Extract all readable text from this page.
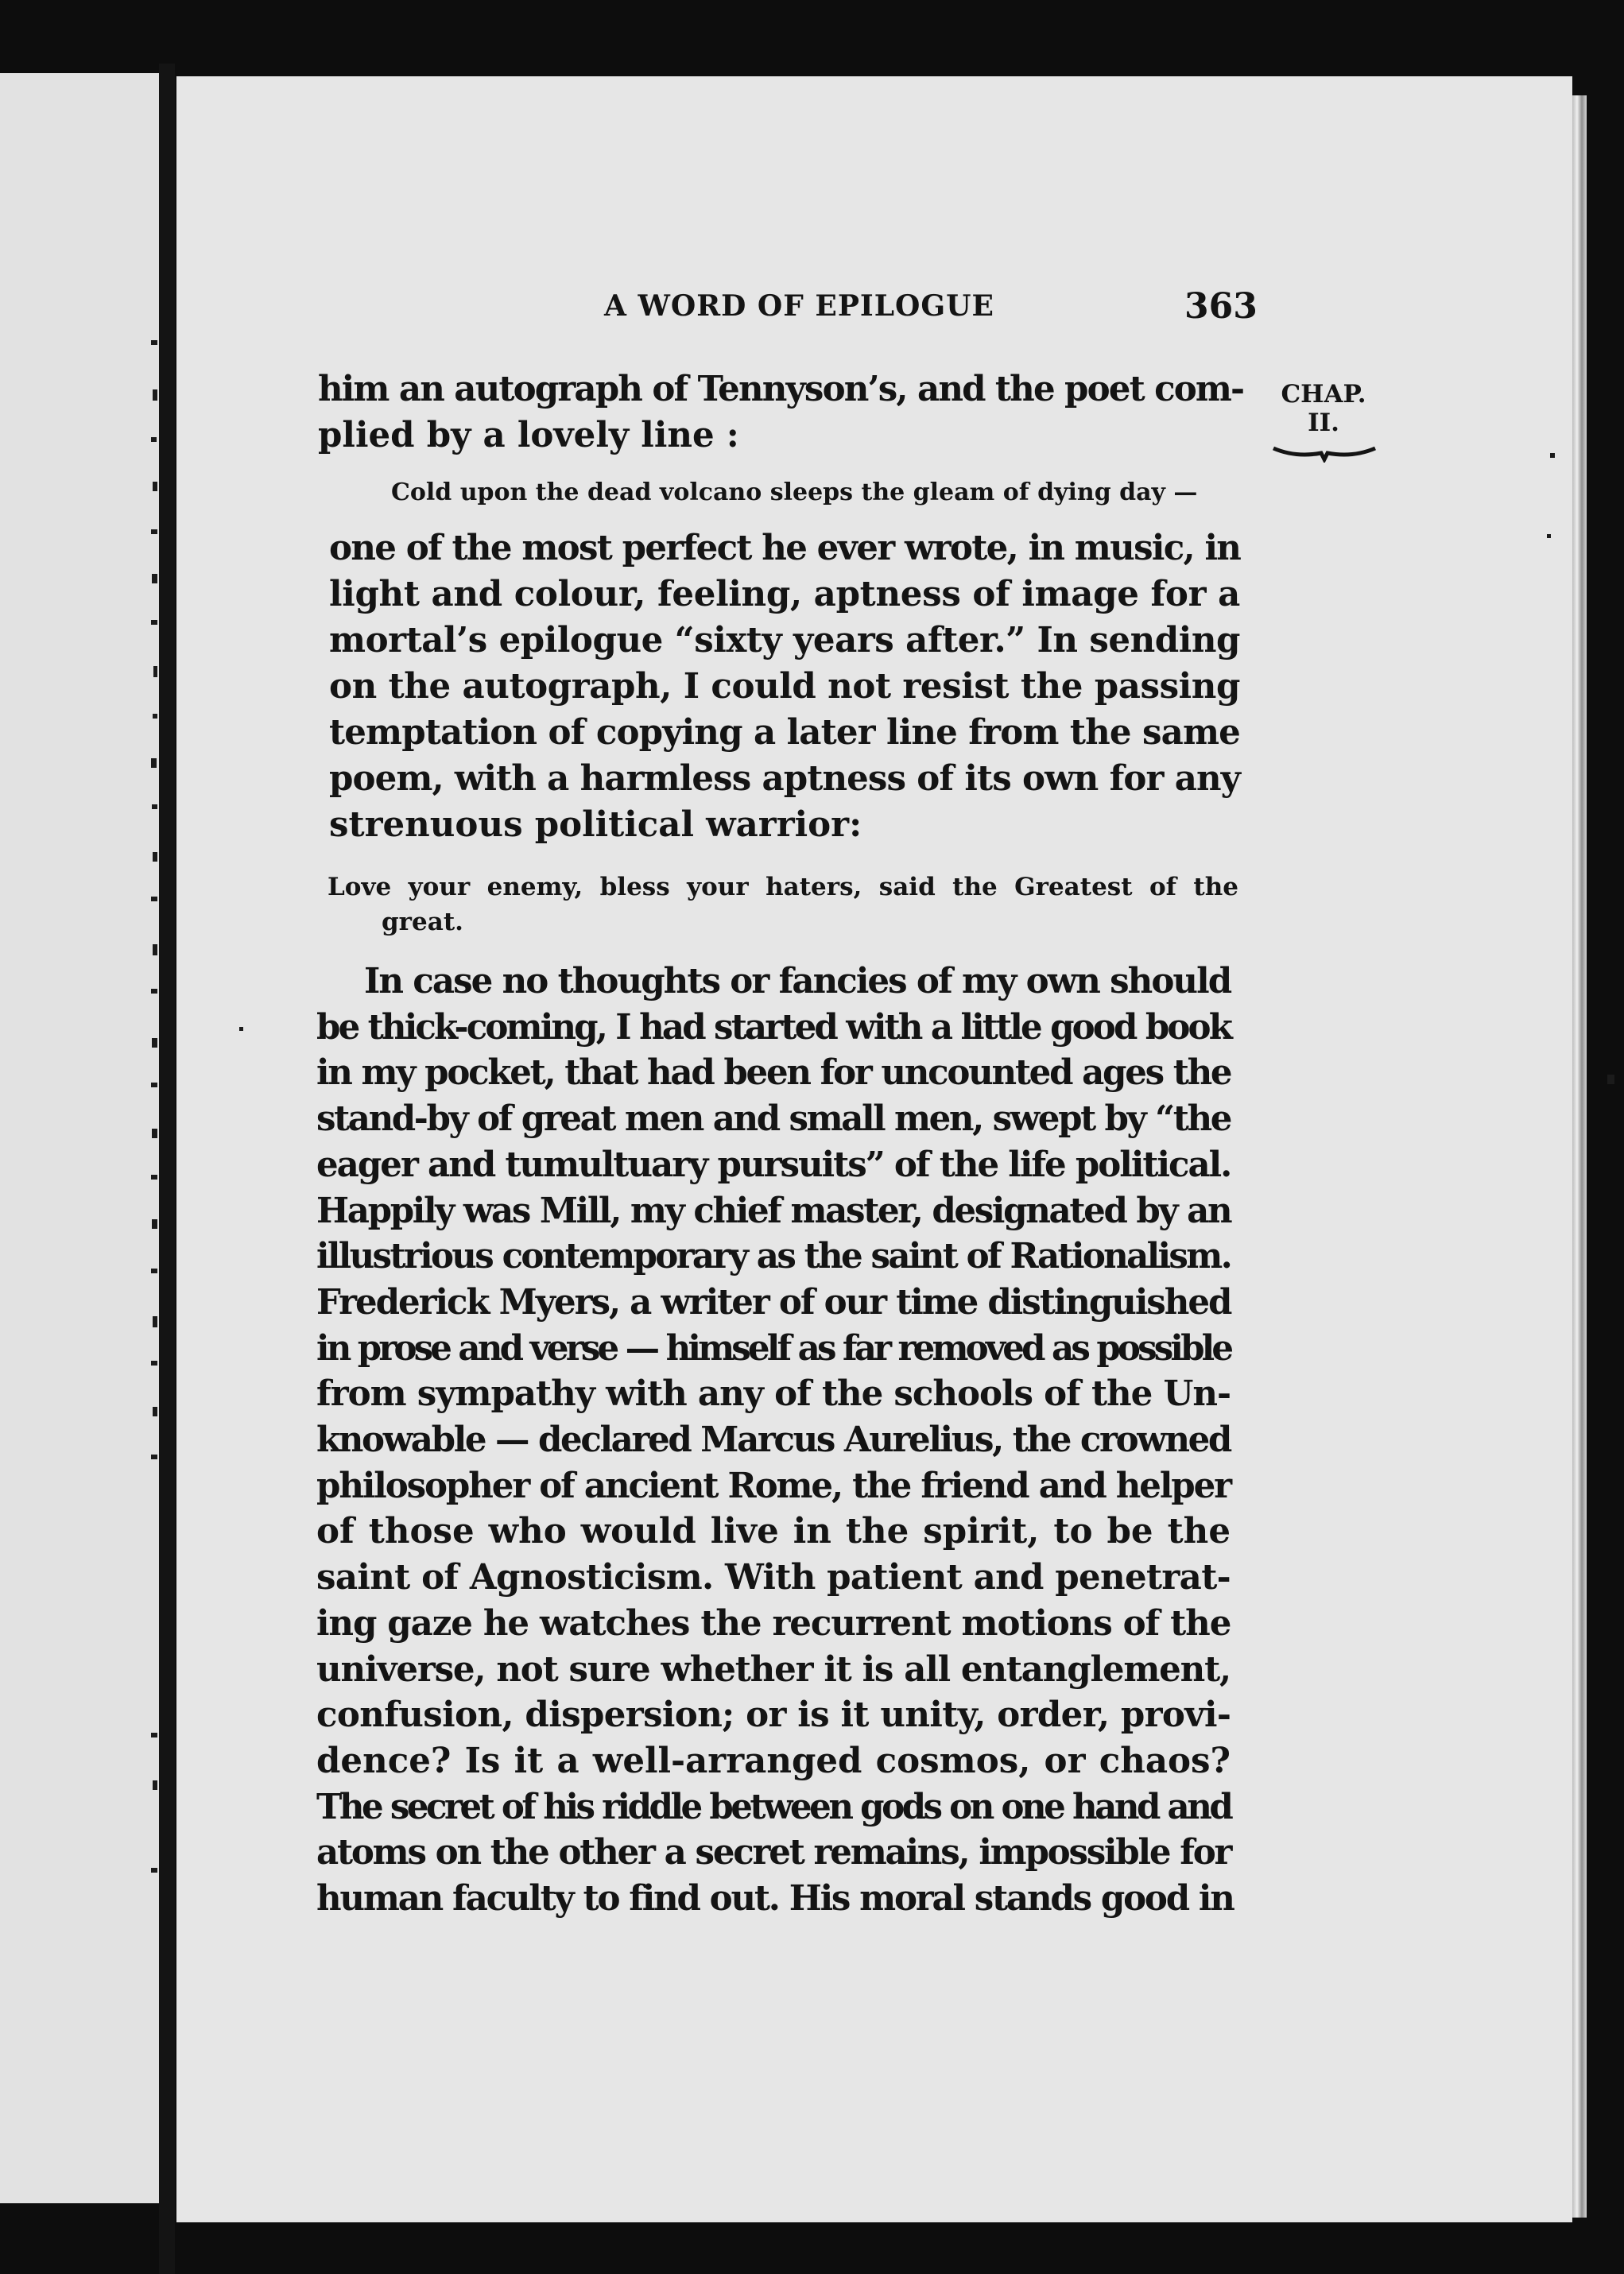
A WORD OF EPILOGUE	363
CHAP.
II.
him an autograph of Tennyson’s, and the poet com-
plied by a lovely line :
Cold upon the dead volcano sleeps the gleam of dying day —
one of the most perfect he ever wrote, in music, in
light and colour, feeling, aptness of image for a
mortal’s epilogue “sixty years after.” In sending
on the autograph, I could not resist the passing
temptation of copying a later line from the same
poem, with a harmless aptness of its own for any
strenuous political warrior:
Love your enemy, bless your haters, said the Greatest of the
great.
In case no thoughts or fancies of my own should
be thick-coming, I had started with a little good book
in my pocket, that had been for uncounted ages the
stand-by of great men and small men, swept by “the
eager and tumultuary pursuits” of the life political.
Happily was Mill, my chief master, designated by an
illustrious contemporary as the saint of Rationalism.
Frederick Myers, a writer of our time distinguished
in prose and verse — himself as far removed as possible
from sympathy with any of the schools of the Un-
knowable — declared Marcus Aurelius, the crowned
philosopher of ancient Rome, the friend and helper
of those who would live in the spirit, to be the
saint of Agnosticism. With patient and penetrat-
ing gaze he watches the recurrent motions of the
universe, not sure whether it is all entanglement,
confusion, dispersion; or is it unity, order, provi-
dence? Is it a well-arranged cosmos, or chaos?
The secret of his riddle between gods on one hand and
atoms on the other a secret remains, impossible for
human faculty to find out. His moral stands good in
